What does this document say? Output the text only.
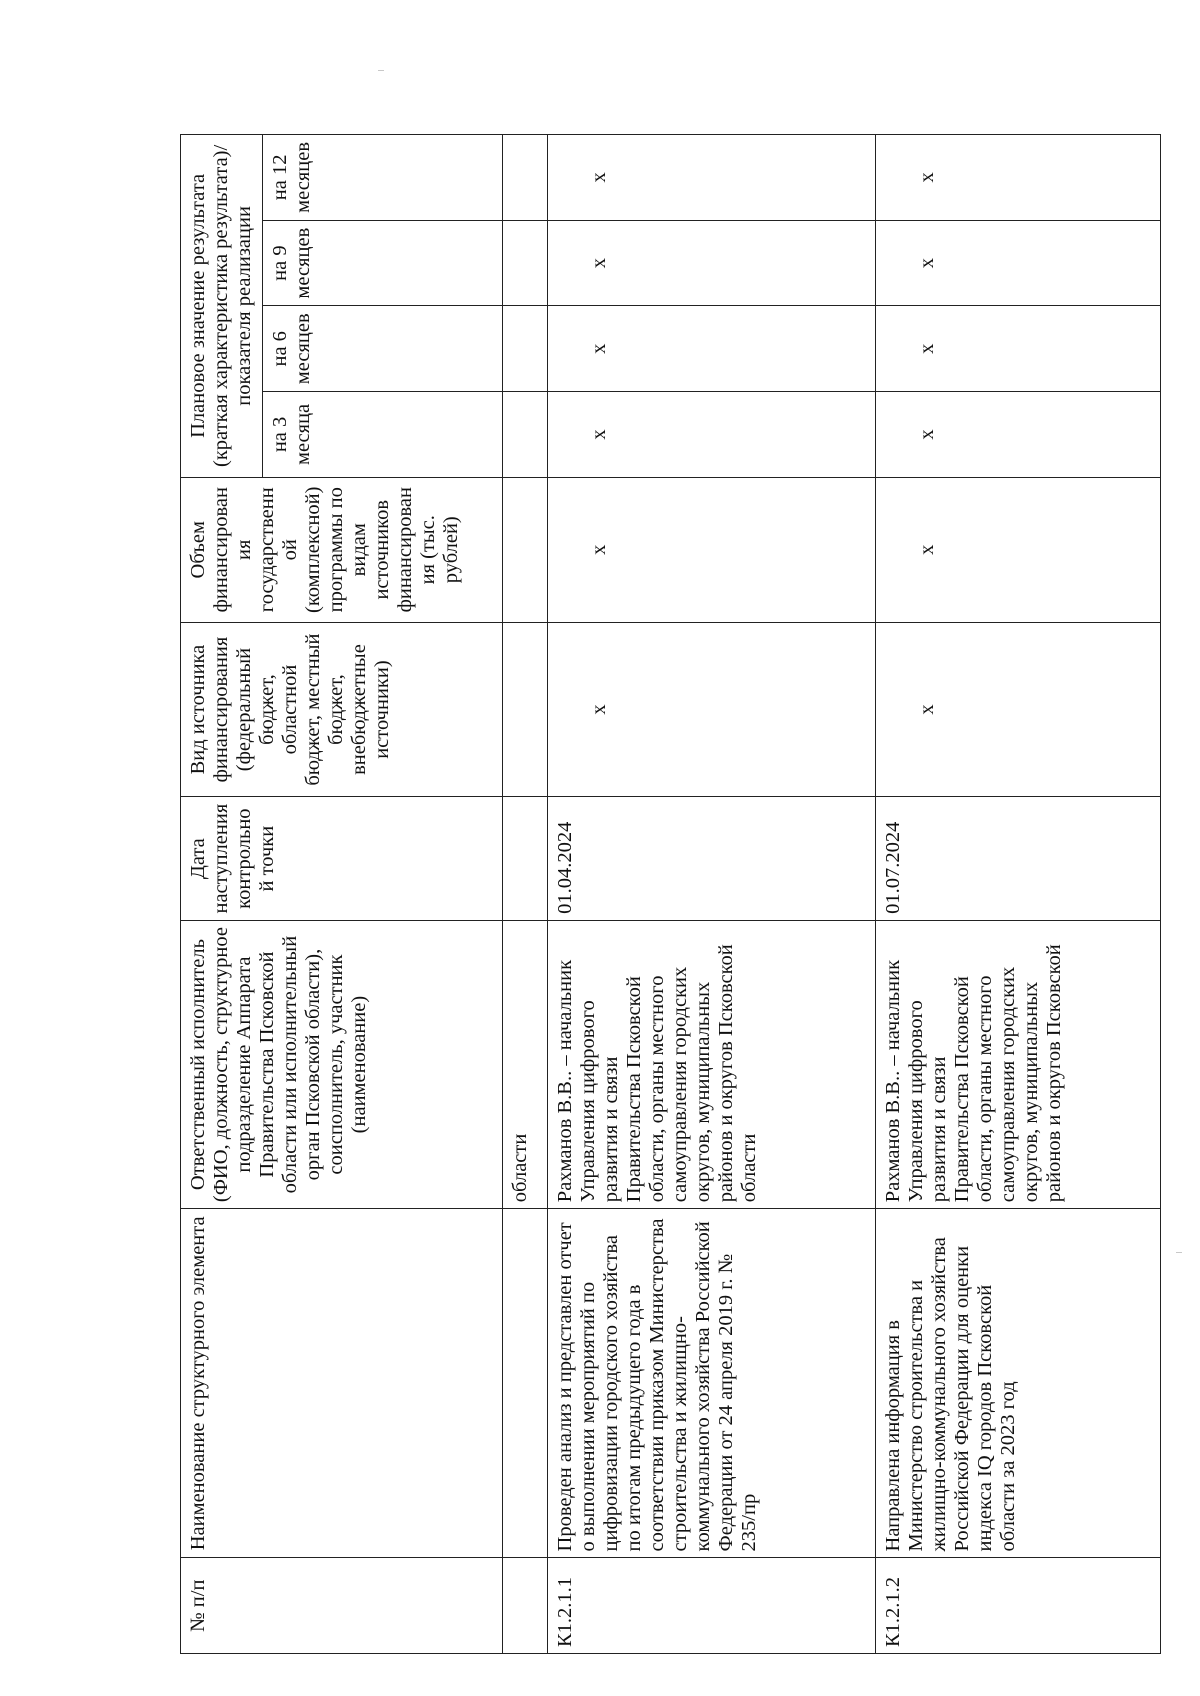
№ п/п	Наименование структурного элемента	Ответственный исполнитель (ФИО, должность, структурное подразделение Аппарата Правительства Псковской области или исполнительный орган Псковской области), соисполнитель, участник (наименование)	Дата наступления контрольной точки	Вид источника финансирования (федеральный бюджет, областной бюджет, местный бюджет, внебюджетные источники)	Объем финансирования государственной (комплексной) программы по видам источников финансирования (тыс. рублей)	Плановое значение результата (краткая характеристика результата)/показателя реализации			
						на 3 месяца	на 6 месяцев	на 9 месяцев	на 12 месяцев
		области							
К1.2.1.1	Проведен анализ и представлен отчет о выполнении мероприятий по цифровизации городского хозяйства по итогам предыдущего года в соответствии приказом Министерства строительства и жилищно-коммунального хозяйства Российской Федерации от 24 апреля 2019 г. № 235/пр	Рахманов В.В.. – начальник Управления цифрового развития и связи Правительства Псковской области, органы местного самоуправления городских округов, муниципальных районов и округов Псковской области	01.04.2024	х	х	х	х	х	х
К1.2.1.2	Направлена информация в Министерство строительства и жилищно-коммунального хозяйства Российской Федерации для оценки индекса IQ городов Псковской области за 2023 год	Рахманов В.В.. – начальник Управления цифрового развития и связи Правительства Псковской области, органы местного самоуправления городских округов, муниципальных районов и округов Псковской	01.07.2024	х	х	х	х	х	х
